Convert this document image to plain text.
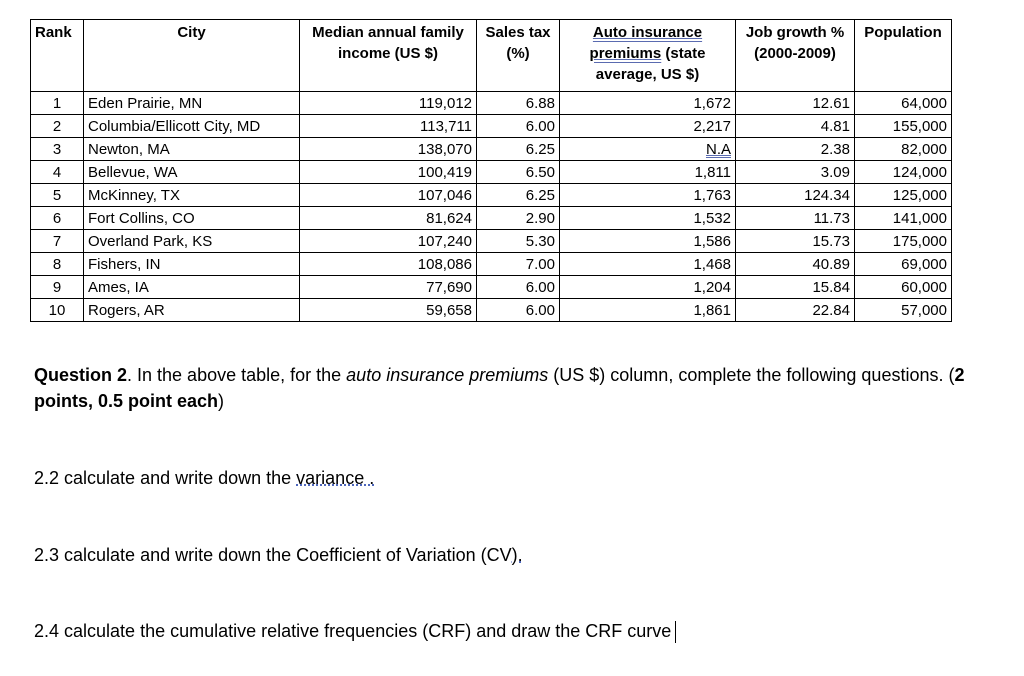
Rank	City	Median annual family income (US $)	Sales tax (%)	Auto insurance
premiums (state average, US $)	Job growth % (2000-2009)	Population
1	Eden Prairie, MN	119,012	6.88	1,672	12.61	64,000
2	Columbia/Ellicott City, MD	113,711	6.00	2,217	4.81	155,000
3	Newton, MA	138,070	6.25	N.A	2.38	82,000
4	Bellevue, WA	100,419	6.50	1,811	3.09	124,000
5	McKinney, TX	107,046	6.25	1,763	124.34	125,000
6	Fort Collins, CO	81,624	2.90	1,532	11.73	141,000
7	Overland Park, KS	107,240	5.30	1,586	15.73	175,000
8	Fishers, IN	108,086	7.00	1,468	40.89	69,000
9	Ames, IA	77,690	6.00	1,204	15.84	60,000
10	Rogers, AR	59,658	6.00	1,861	22.84	57,000
Question 2. In the above table, for the auto insurance premiums (US $) column, complete the following questions. (2 points, 0.5 point each)
2.2 calculate and write down the variance .
2.3 calculate and write down the Coefficient of Variation (CV).
2.4 calculate the cumulative relative frequencies (CRF) and draw the CRF curve
